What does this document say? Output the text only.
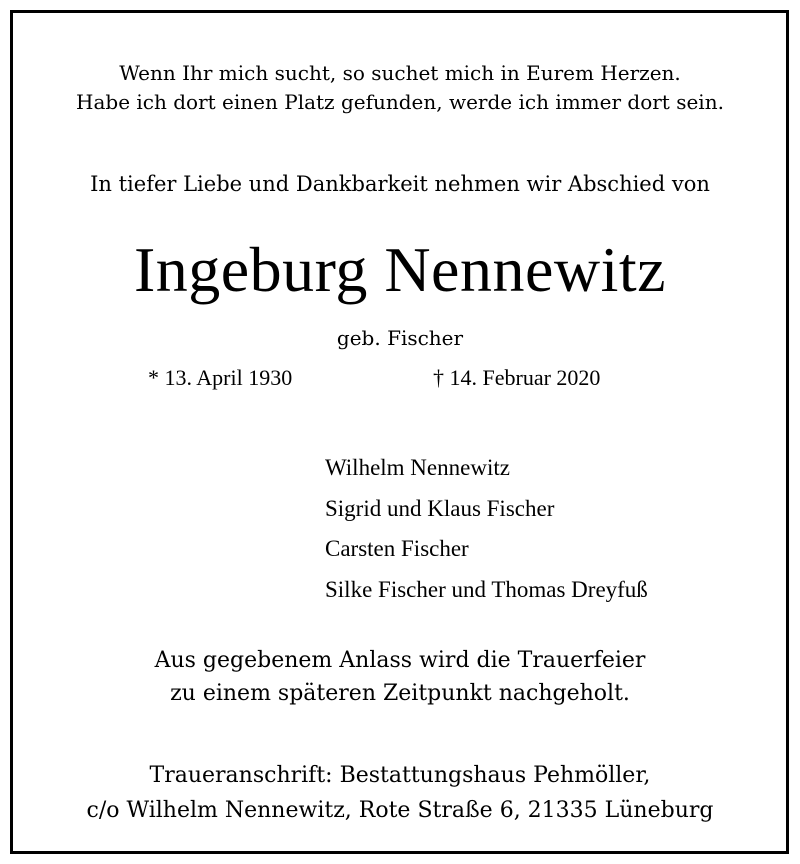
Wenn Ihr mich sucht, so suchet mich in Eurem Herzen.
Habe ich dort einen Platz gefunden, werde ich immer dort sein.
In tiefer Liebe und Dankbarkeit nehmen wir Abschied von
Ingeburg Nennewitz
geb. Fischer
* 13. April 1930	† 14. Februar 2020
Wilhelm Nennewitz
Sigrid und Klaus Fischer
Carsten Fischer
Silke Fischer und Thomas Dreyfuß
Aus gegebenem Anlass wird die Trauerfeier
zu einem späteren Zeitpunkt nachgeholt.
Traueranschrift: Bestattungshaus Pehmöller,
c/o Wilhelm Nennewitz, Rote Straße 6, 21335 Lüneburg
